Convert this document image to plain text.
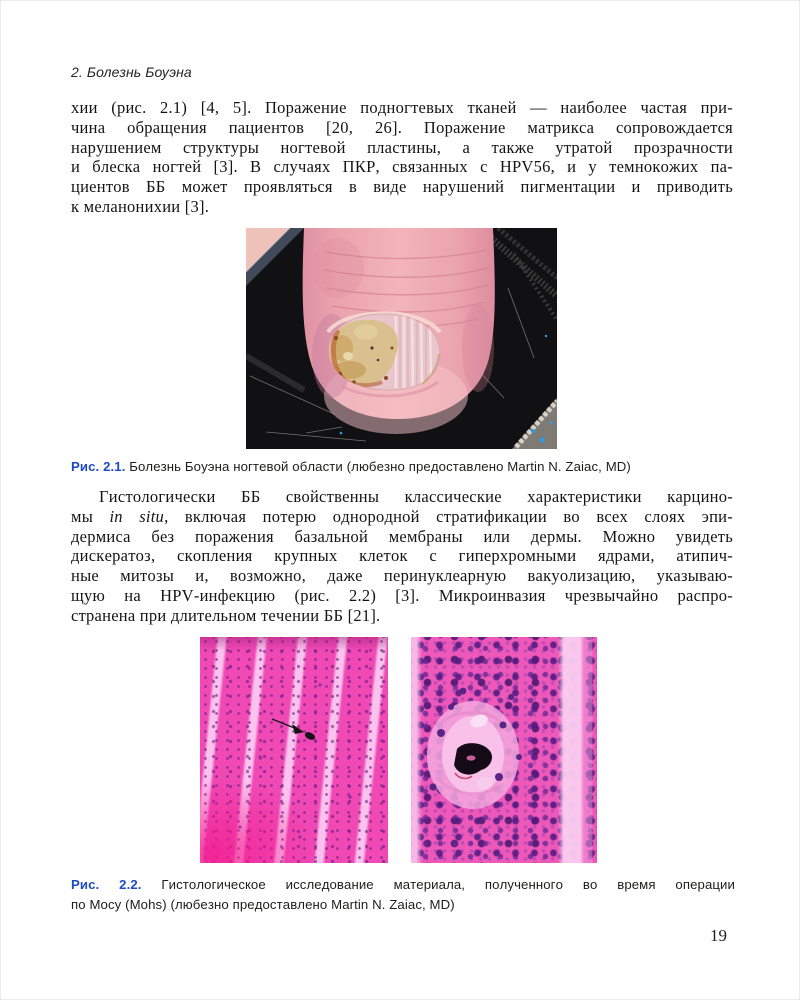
2. Болезнь Боуэна
хии (рис. 2.1) [4, 5]. Поражение подногтевых тканей — наиболее частая при-
чина обращения пациентов [20, 26]. Поражение матрикса сопровождается
нарушением структуры ногтевой пластины, а также утратой прозрачности
и блеска ногтей [3]. В случаях ПКР, связанных с HPV56, и у темнокожих па-
циентов ББ может проявляться в виде нарушений пигментации и приводить
к меланонихии [3].
Рис. 2.1. Болезнь Боуэна ногтевой области (любезно предоставлено Martin N. Zaiac, MD)
Гистологически ББ свойственны классические характеристики карцино-
мы in situ, включая потерю однородной стратификации во всех слоях эпи-
дермиса без поражения базальной мембраны или дермы. Можно увидеть
дискератоз, скопления крупных клеток с гиперхромными ядрами, атипич-
ные митозы и, возможно, даже перинуклеарную вакуолизацию, указываю-
щую на HPV-инфекцию (рис. 2.2) [3]. Микроинвазия чрезвычайно распро-
странена при длительном течении ББ [21].
Рис. 2.2. Гистологическое исследование материала, полученного во время операции
по Мосу (Mohs) (любезно предоставлено Martin N. Zaiac, MD)
19
